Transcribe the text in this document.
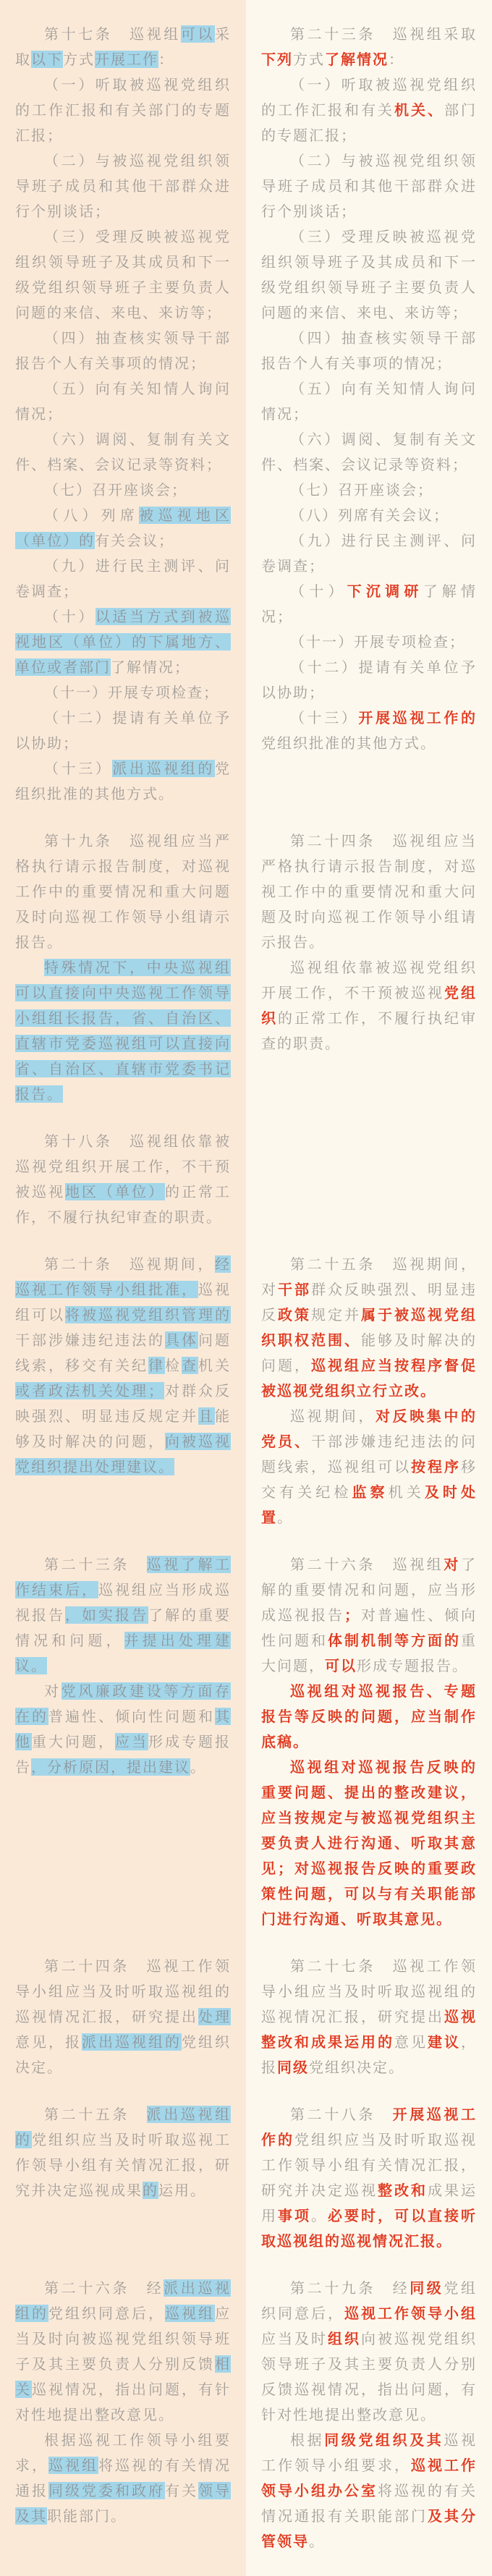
第十七条　巡视组可以采取以下方式开展工作：

（一）听取被巡视党组织的工作汇报和有关部门的专题汇报；

（二）与被巡视党组织领导班子成员和其他干部群众进行个别谈话；

（三）受理反映被巡视党组织领导班子及其成员和下一级党组织领导班子主要负责人问题的来信、来电、来访等；

（四）抽查核实领导干部报告个人有关事项的情况；

（五）向有关知情人询问情况；

（六）调阅、复制有关文件、档案、会议记录等资料；

（七）召开座谈会；

（八）列席被巡视地区（单位）的有关会议；

（九）进行民主测评、问卷调查；

（十）以适当方式到被巡视地区（单位）的下属地方、单位或者部门了解情况；

（十一）开展专项检查；

（十二）提请有关单位予以协助；

（十三）派出巡视组的党组织批准的其他方式。

第二十三条　巡视组采取下列方式了解情况：

（一）听取被巡视党组织的工作汇报和有关机关、部门的专题汇报；

（二）与被巡视党组织领导班子成员和其他干部群众进行个别谈话；

（三）受理反映被巡视党组织领导班子及其成员和下一级党组织领导班子主要负责人问题的来信、来电、来访等；

（四）抽查核实领导干部报告个人有关事项的情况；

（五）向有关知情人询问情况；

（六）调阅、复制有关文件、档案、会议记录等资料；

（七）召开座谈会；

（八）列席有关会议；

（九）进行民主测评、问卷调查；

（十）下沉调研了解情况；

（十一）开展专项检查；

（十二）提请有关单位予以协助；

（十三）开展巡视工作的党组织批准的其他方式。

第十九条　巡视组应当严格执行请示报告制度，对巡视工作中的重要情况和重大问题及时向巡视工作领导小组请示报告。

特殊情况下，中央巡视组可以直接向中央巡视工作领导小组组长报告，省、自治区、直辖市党委巡视组可以直接向省、自治区、直辖市党委书记报告。

第十八条　巡视组依靠被巡视党组织开展工作，不干预被巡视地区（单位）的正常工作，不履行执纪审查的职责。

第二十四条　巡视组应当严格执行请示报告制度，对巡视工作中的重要情况和重大问题及时向巡视工作领导小组请示报告。

巡视组依靠被巡视党组织开展工作，不干预被巡视党组织的正常工作，不履行执纪审查的职责。

第二十条　巡视期间，经巡视工作领导小组批准，巡视组可以将被巡视党组织管理的干部涉嫌违纪违法的具体问题线索，移交有关纪律检查机关或者政法机关处理；对群众反映强烈、明显违反规定并且能够及时解决的问题，向被巡视党组织提出处理建议。

第二十五条　巡视期间，对干部群众反映强烈、明显违反政策规定并属于被巡视党组织职权范围、能够及时解决的问题，巡视组应当按程序督促被巡视党组织立行立改。

巡视期间，对反映集中的党员、干部涉嫌违纪违法的问题线索，巡视组可以按程序移交有关纪检监察机关及时处置。

第二十三条　巡视了解工作结束后，巡视组应当形成巡视报告，如实报告了解的重要情况和问题，并提出处理建议。

对党风廉政建设等方面存在的普遍性、倾向性问题和其他重大问题，应当形成专题报告，分析原因，提出建议。

第二十六条　巡视组对了解的重要情况和问题，应当形成巡视报告；对普遍性、倾向性问题和体制机制等方面的重大问题，可以形成专题报告。

巡视组对巡视报告、专题报告等反映的问题，应当制作底稿。

巡视组对巡视报告反映的重要问题、提出的整改建议，应当按规定与被巡视党组织主要负责人进行沟通、听取其意见；对巡视报告反映的重要政策性问题，可以与有关职能部门进行沟通、听取其意见。

第二十四条　巡视工作领导小组应当及时听取巡视组的巡视情况汇报，研究提出处理意见，报派出巡视组的党组织决定。

第二十七条　巡视工作领导小组应当及时听取巡视组的巡视情况汇报，研究提出巡视整改和成果运用的意见建议，报同级党组织决定。

第二十五条　派出巡视组的党组织应当及时听取巡视工作领导小组有关情况汇报，研究并决定巡视成果的运用。

第二十八条　开展巡视工作的党组织应当及时听取巡视工作领导小组有关情况汇报，研究并决定巡视整改和成果运用事项。必要时，可以直接听取巡视组的巡视情况汇报。

第二十六条　经派出巡视组的党组织同意后，巡视组应当及时向被巡视党组织领导班子及其主要负责人分别反馈相关巡视情况，指出问题，有针对性地提出整改意见。

根据巡视工作领导小组要求，巡视组将巡视的有关情况通报同级党委和政府有关领导及其职能部门。

第二十九条　经同级党组织同意后，巡视工作领导小组应当及时组织向被巡视党组织领导班子及其主要负责人分别反馈巡视情况，指出问题，有针对性地提出整改意见。

根据同级党组织及其巡视工作领导小组要求，巡视工作领导小组办公室将巡视的有关情况通报有关职能部门及其分管领导。
